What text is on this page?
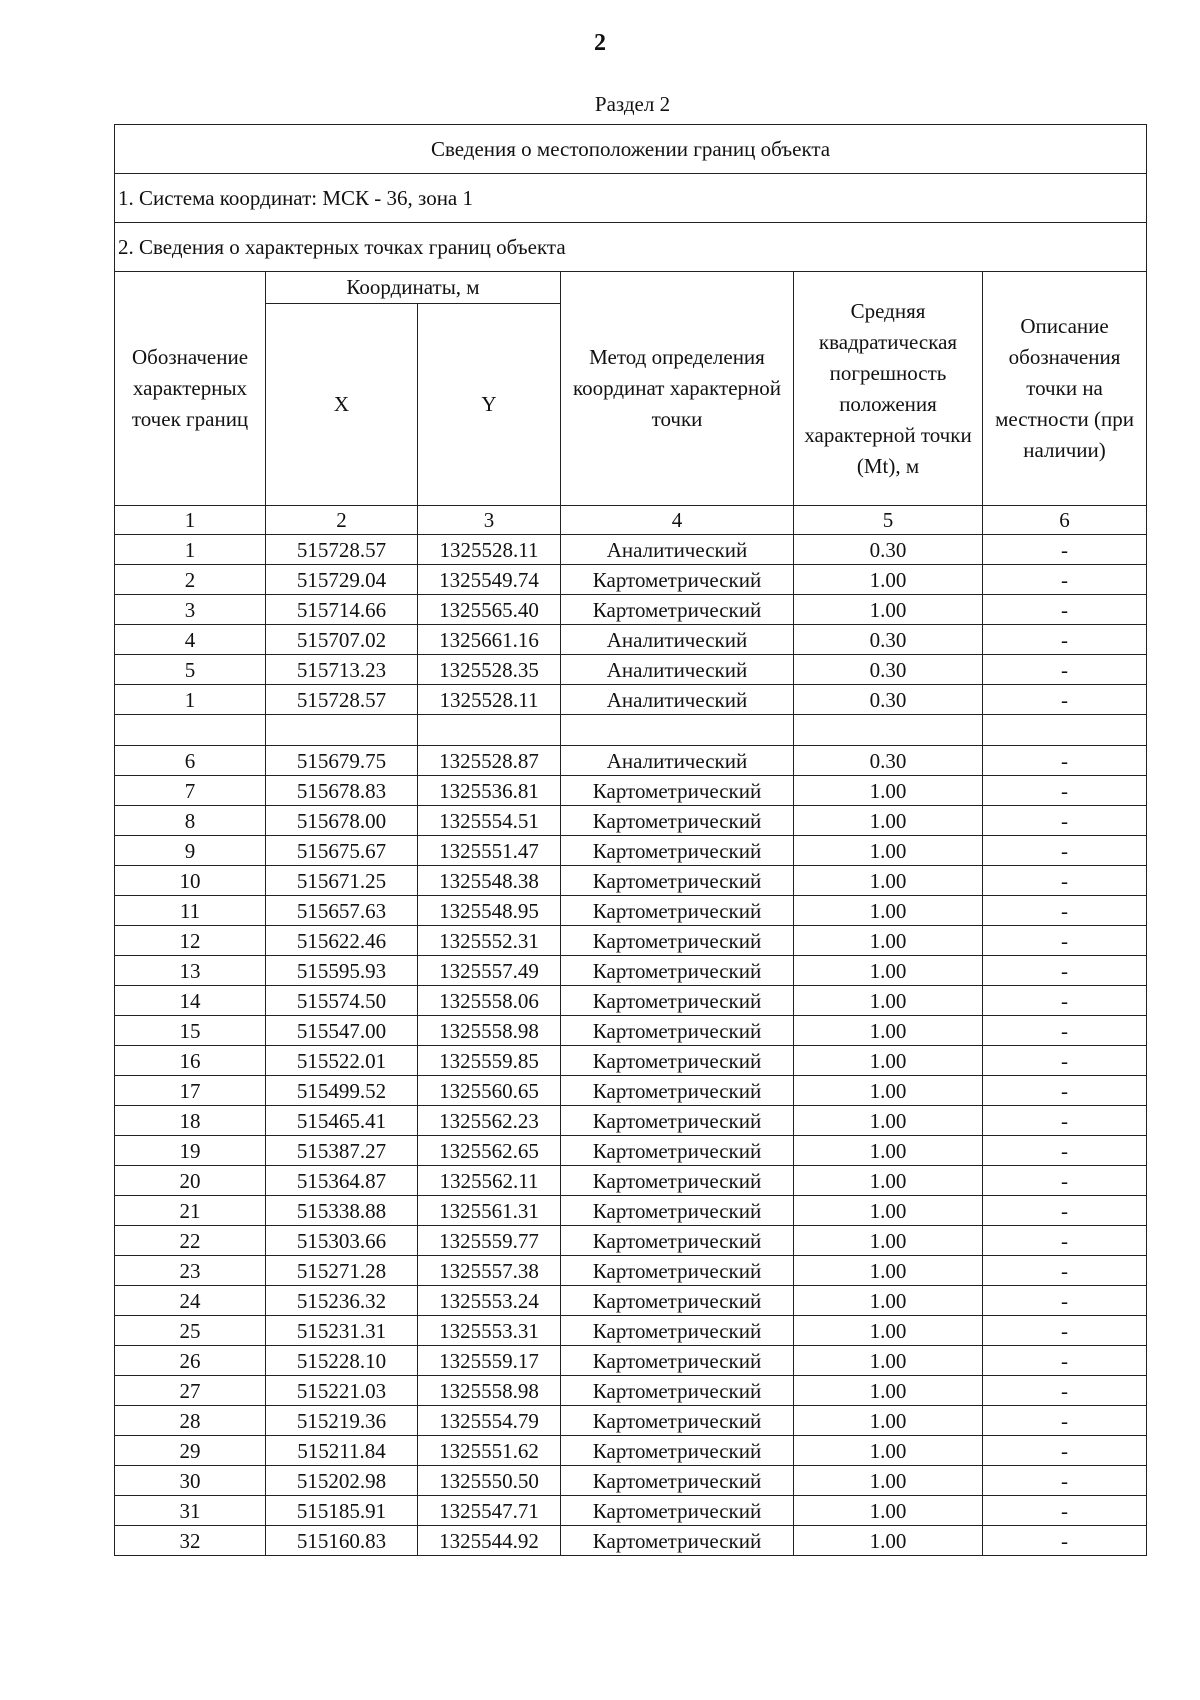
2
Раздел 2
Сведения о местоположении границ объекта					
1. Система координат: МСК - 36, зона 1					
2. Сведения о характерных точках границ объекта					
Обозначение характерных точек границ	Координаты, м		Метод определения координат характерной точки	Средняя квадратическая погрешность положения характерной точки (Mt), м	Описание обозначения точки на местности (при наличии)
	X	Y			
1	2	3	4	5	6
1	515728.57	1325528.11	Аналитический	0.30	-
2	515729.04	1325549.74	Картометрический	1.00	-
3	515714.66	1325565.40	Картометрический	1.00	-
4	515707.02	1325661.16	Аналитический	0.30	-
5	515713.23	1325528.35	Аналитический	0.30	-
1	515728.57	1325528.11	Аналитический	0.30	-

6	515679.75	1325528.87	Аналитический	0.30	-
7	515678.83	1325536.81	Картометрический	1.00	-
8	515678.00	1325554.51	Картометрический	1.00	-
9	515675.67	1325551.47	Картометрический	1.00	-
10	515671.25	1325548.38	Картометрический	1.00	-
11	515657.63	1325548.95	Картометрический	1.00	-
12	515622.46	1325552.31	Картометрический	1.00	-
13	515595.93	1325557.49	Картометрический	1.00	-
14	515574.50	1325558.06	Картометрический	1.00	-
15	515547.00	1325558.98	Картометрический	1.00	-
16	515522.01	1325559.85	Картометрический	1.00	-
17	515499.52	1325560.65	Картометрический	1.00	-
18	515465.41	1325562.23	Картометрический	1.00	-
19	515387.27	1325562.65	Картометрический	1.00	-
20	515364.87	1325562.11	Картометрический	1.00	-
21	515338.88	1325561.31	Картометрический	1.00	-
22	515303.66	1325559.77	Картометрический	1.00	-
23	515271.28	1325557.38	Картометрический	1.00	-
24	515236.32	1325553.24	Картометрический	1.00	-
25	515231.31	1325553.31	Картометрический	1.00	-
26	515228.10	1325559.17	Картометрический	1.00	-
27	515221.03	1325558.98	Картометрический	1.00	-
28	515219.36	1325554.79	Картометрический	1.00	-
29	515211.84	1325551.62	Картометрический	1.00	-
30	515202.98	1325550.50	Картометрический	1.00	-
31	515185.91	1325547.71	Картометрический	1.00	-
32	515160.83	1325544.92	Картометрический	1.00	-
